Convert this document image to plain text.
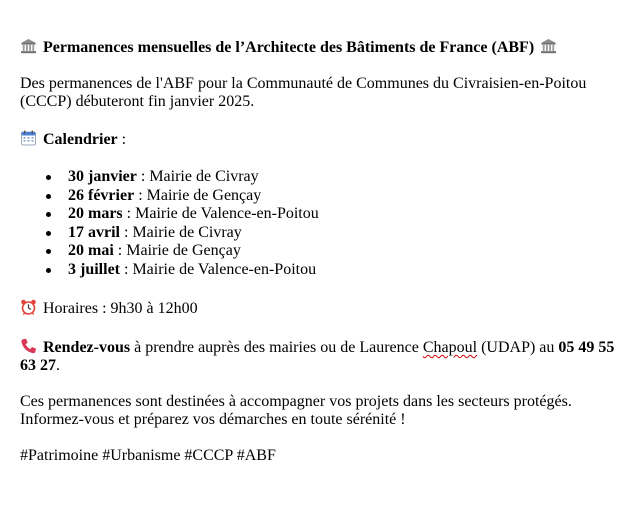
Permanences mensuelles de l’Architecte des Bâtiments de France (ABF)

Des permanences de l'ABF pour la Communauté de Communes du Civraisien-en-Poitou (CCCP) débuteront fin janvier 2025.

Calendrier :

30 janvier : Mairie de Civray
26 février : Mairie de Gençay
20 mars : Mairie de Valence-en-Poitou
17 avril : Mairie de Civray
20 mai : Mairie de Gençay
3 juillet : Mairie de Valence-en-Poitou

Horaires : 9h30 à 12h00

Rendez-vous à prendre auprès des mairies ou de Laurence Chapoul (UDAP) au 05 49 55 63 27.

Ces permanences sont destinées à accompagner vos projets dans les secteurs protégés.
Informez-vous et préparez vos démarches en toute sérénité !

#Patrimoine #Urbanisme #CCCP #ABF
